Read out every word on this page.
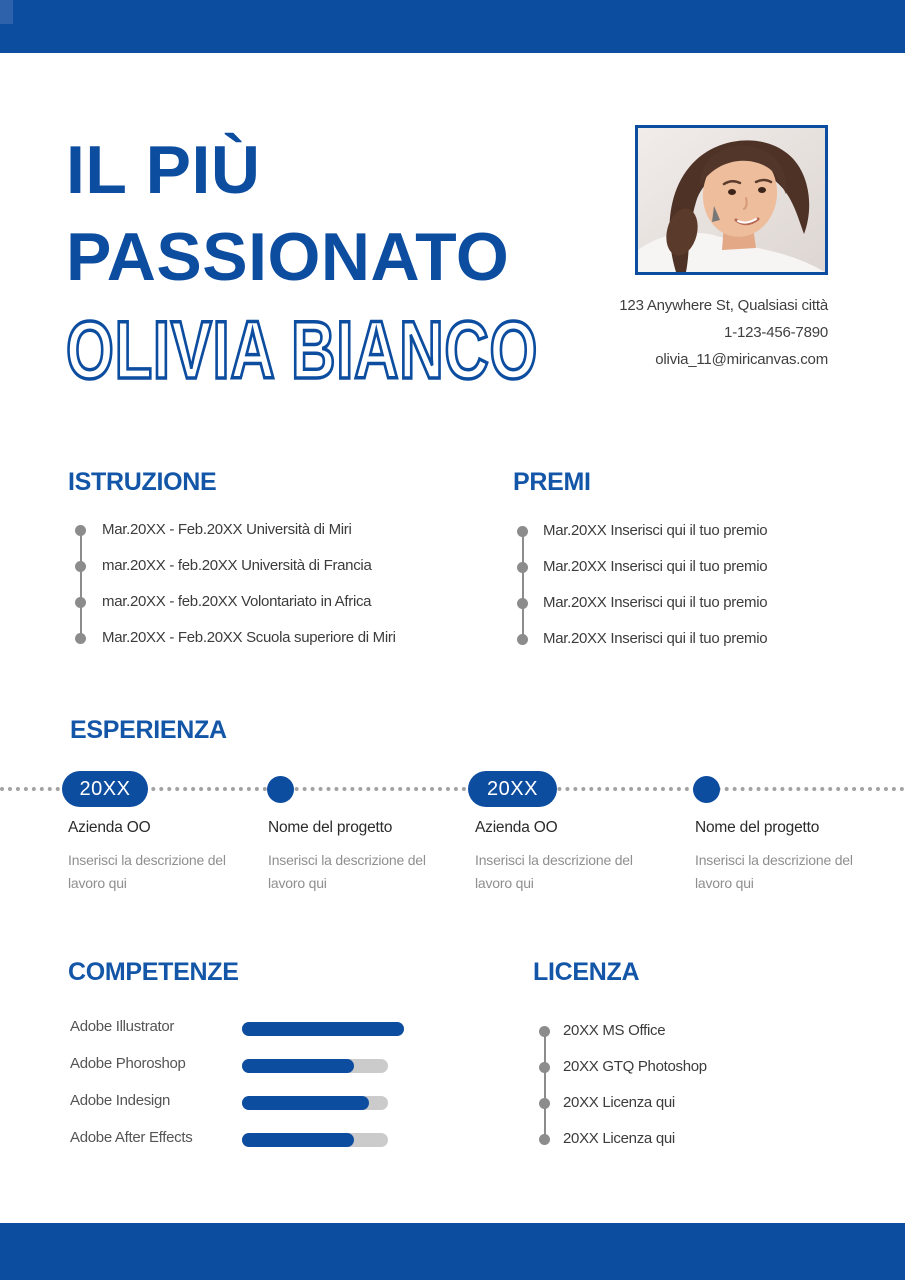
IL PIÙ
PASSIONATO
OLIVIA BIANCO	123 Anywhere St, Qualsiasi città
1-123-456-7890
olivia_11@miricanvas.com
ISTRUZIONE
Mar.20XX - Feb.20XX Università di Miri
mar.20XX - feb.20XX Università di Francia
mar.20XX - feb.20XX Volontariato in Africa
Mar.20XX - Feb.20XX Scuola superiore di Miri
PREMI
Mar.20XX Inserisci qui il tuo premio
Mar.20XX Inserisci qui il tuo premio
Mar.20XX Inserisci qui il tuo premio
Mar.20XX Inserisci qui il tuo premio
ESPERIENZA
20XX	20XX
Azienda OO
Inserisci la descrizione del lavoro qui
Nome del progetto
Inserisci la descrizione del lavoro qui
Azienda OO
Inserisci la descrizione del lavoro qui
Nome del progetto
Inserisci la descrizione del lavoro qui
COMPETENZE
Adobe Illustrator
Adobe Phoroshop
Adobe Indesign
Adobe After Effects
LICENZA
20XX MS Office
20XX GTQ Photoshop
20XX Licenza qui
20XX Licenza qui
